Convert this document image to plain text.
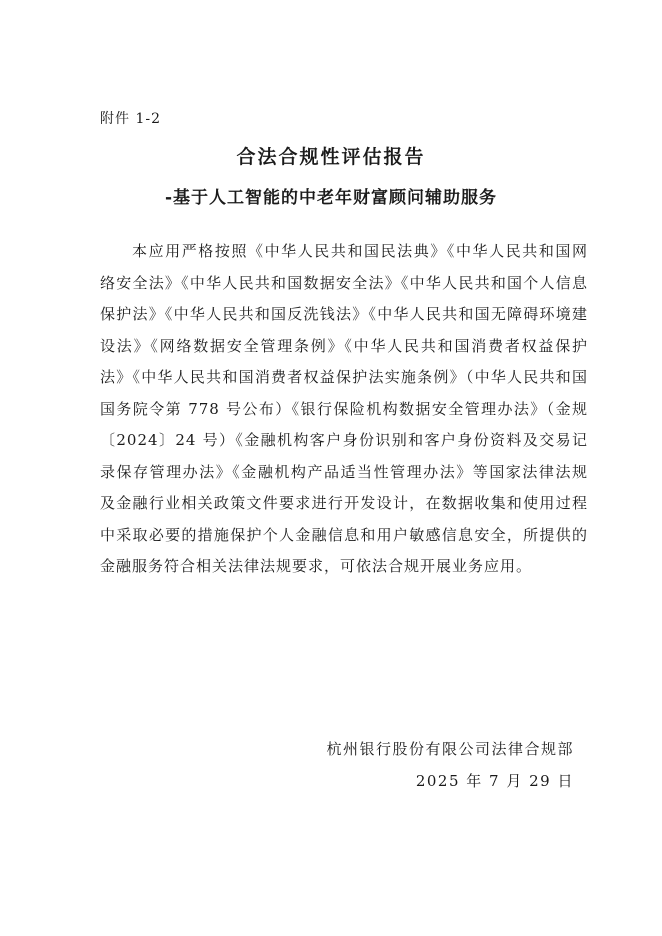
附件 1-2
合法合规性评估报告
-基于人工智能的中老年财富顾问辅助服务

本应用严格按照《中华人民共和国民法典》《中华人民共和国网络安全法》《中华人民共和国数据安全法》《中华人民共和国个人信息保护法》《中华人民共和国反洗钱法》《中华人民共和国无障碍环境建设法》《网络数据安全管理条例》《中华人民共和国消费者权益保护法》《中华人民共和国消费者权益保护法实施条例》（中华人民共和国国务院令第 778 号公布）《银行保险机构数据安全管理办法》（金规〔2024〕24 号）《金融机构客户身份识别和客户身份资料及交易记录保存管理办法》《金融机构产品适当性管理办法》等国家法律法规及金融行业相关政策文件要求进行开发设计，在数据收集和使用过程中采取必要的措施保护个人金融信息和用户敏感信息安全，所提供的金融服务符合相关法律法规要求，可依法合规开展业务应用。

杭州银行股份有限公司法律合规部
2025 年 7 月 29 日
